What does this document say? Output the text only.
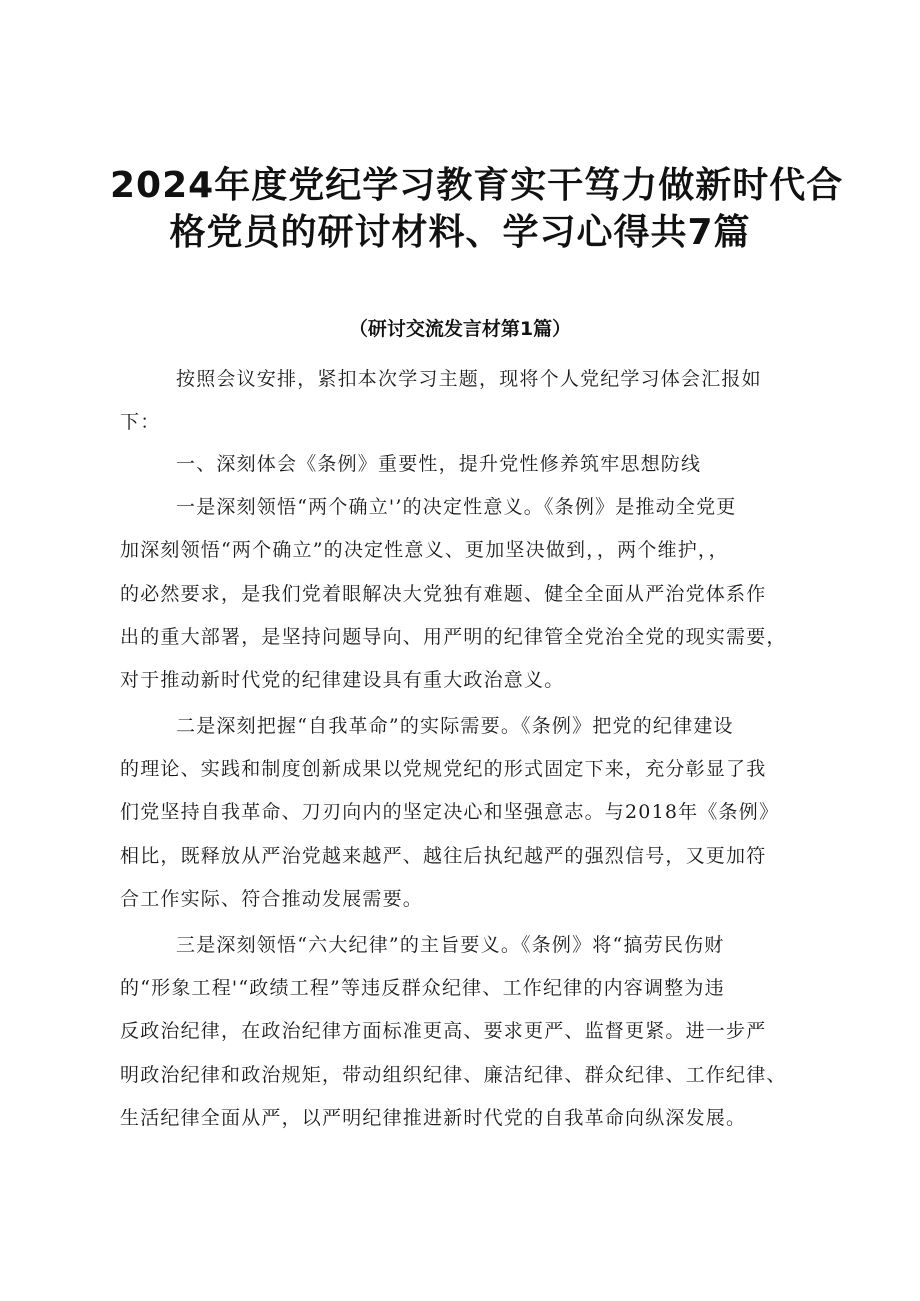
2024年度党纪学习教育实干笃力做新时代合
格党员的研讨材料、学习心得共7篇
（研讨交流发言材第1篇）
按照会议安排，紧扣本次学习主题，现将个人党纪学习体会汇报如
下：
一、深刻体会《条例》重要性，提升党性修养筑牢思想防线
一是深刻领悟“两个确立'’的决定性意义。《条例》是推动全党更
加深刻领悟“两个确立”的决定性意义、更加坚决做到，，两个维护，，
的必然要求，是我们党着眼解决大党独有难题、健全全面从严治党体系作
出的重大部署，是坚持问题导向、用严明的纪律管全党治全党的现实需要，
对于推动新时代党的纪律建设具有重大政治意义。
二是深刻把握“自我革命”的实际需要。《条例》把党的纪律建设
的理论、实践和制度创新成果以党规党纪的形式固定下来，充分彰显了我
们党坚持自我革命、刀刃向内的坚定决心和坚强意志。与2018年《条例》
相比，既释放从严治党越来越严、越往后执纪越严的强烈信号，又更加符
合工作实际、符合推动发展需要。
三是深刻领悟“六大纪律”的主旨要义。《条例》将“搞劳民伤财
的“形象工程'“政绩工程”等违反群众纪律、工作纪律的内容调整为违
反政治纪律，在政治纪律方面标准更高、要求更严、监督更紧。进一步严
明政治纪律和政治规矩，带动组织纪律、廉洁纪律、群众纪律、工作纪律、
生活纪律全面从严，以严明纪律推进新时代党的自我革命向纵深发展。
